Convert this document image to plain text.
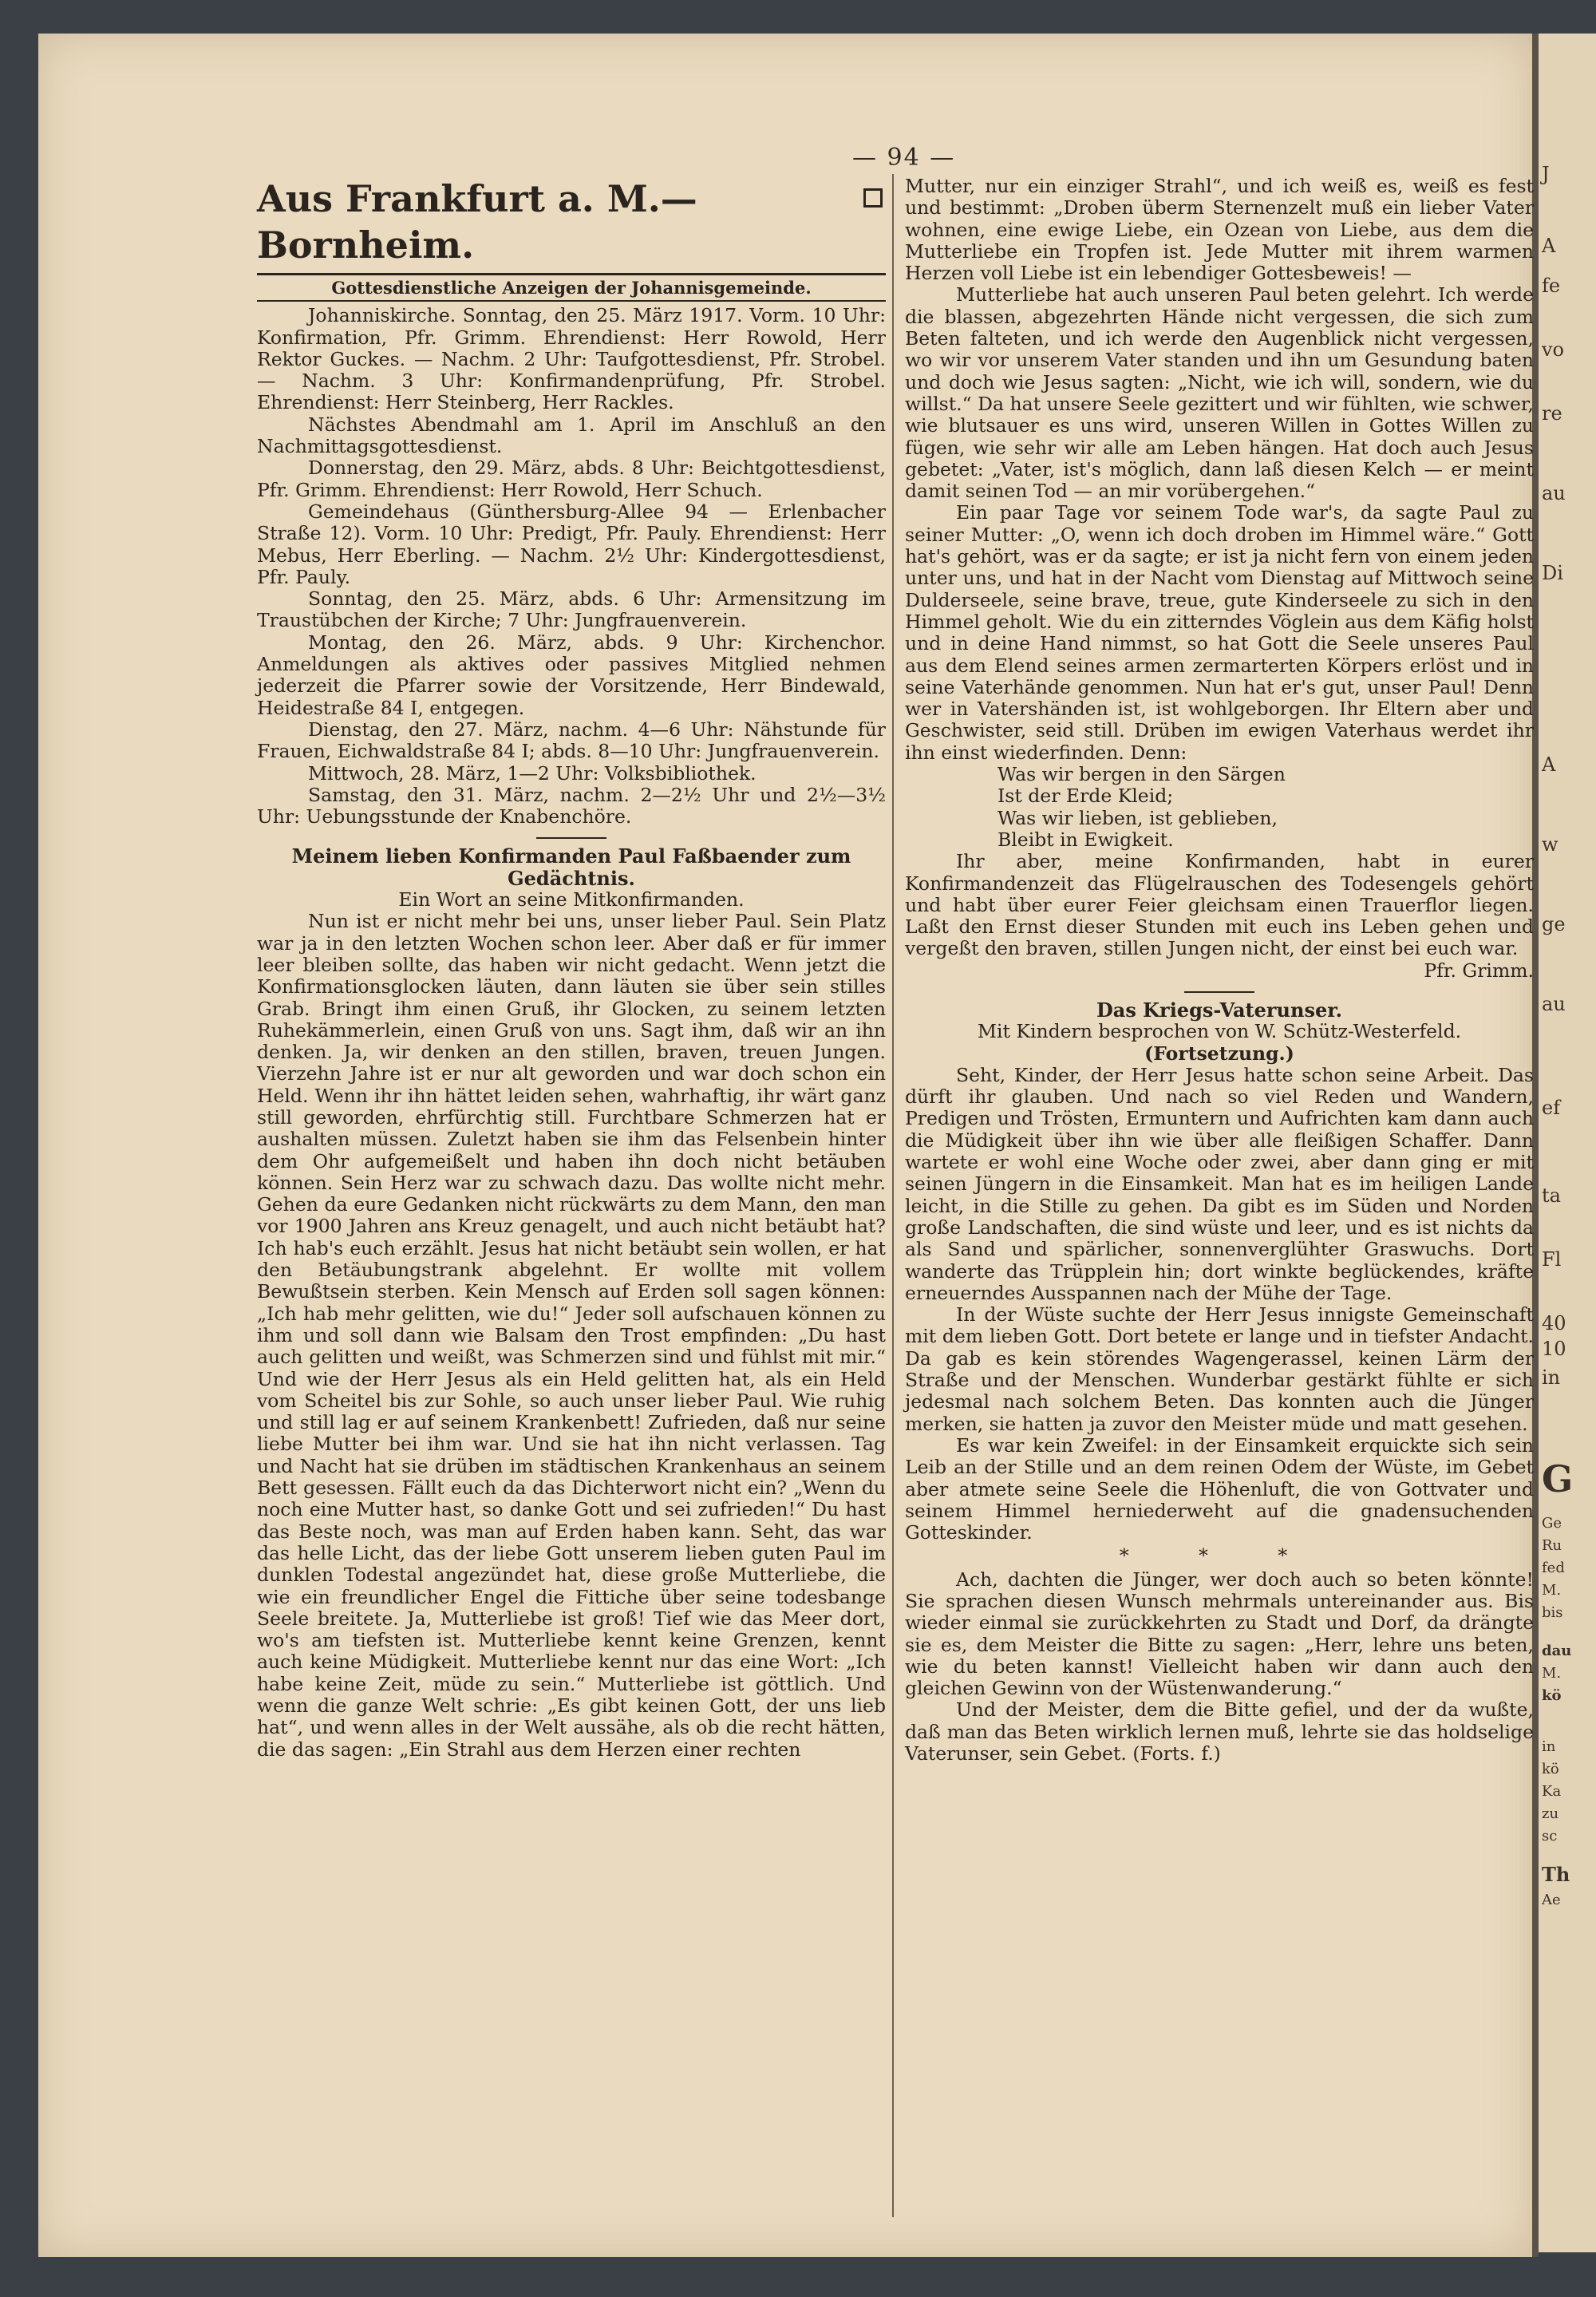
— 94 —
J
A
fe
vo
re
au
Di
A
w
ge
au
ef
ta
Fl
40
10
in
G
Ge
Ru
fed
M.
bis
dau
M.
kö
in
kö
Ka
zu
sc
Th
Ae
Aus Frankfurt a. M.—Bornheim.
Gottesdienstliche Anzeigen der Johannisgemeinde.

Johanniskirche. Sonntag, den 25. März 1917. Vorm. 10 Uhr: Konfirmation, Pfr. Grimm. Ehrendienst: Herr Rowold, Herr Rektor Guckes. — Nachm. 2 Uhr: Taufgottesdienst, Pfr. Strobel. — Nachm. 3 Uhr: Konfirmandenprüfung, Pfr. Strobel. Ehrendienst: Herr Steinberg, Herr Rackles.

Nächstes Abendmahl am 1. April im Anschluß an den Nachmittagsgottesdienst.

Donnerstag, den 29. März, abds. 8 Uhr: Beichtgottesdienst, Pfr. Grimm. Ehrendienst: Herr Rowold, Herr Schuch.

Gemeindehaus (Günthersburg-Allee 94 — Erlenbacher Straße 12). Vorm. 10 Uhr: Predigt, Pfr. Pauly. Ehrendienst: Herr Mebus, Herr Eberling. — Nachm. 2½ Uhr: Kindergottesdienst, Pfr. Pauly.

Sonntag, den 25. März, abds. 6 Uhr: Armensitzung im Traustübchen der Kirche; 7 Uhr: Jungfrauenverein.

Montag, den 26. März, abds. 9 Uhr: Kirchenchor. Anmeldungen als aktives oder passives Mitglied nehmen jederzeit die Pfarrer sowie der Vorsitzende, Herr Bindewald, Heidestraße 84 I, entgegen.

Dienstag, den 27. März, nachm. 4—6 Uhr: Nähstunde für Frauen, Eichwaldstraße 84 I; abds. 8—10 Uhr: Jungfrauenverein.

Mittwoch, 28. März, 1—2 Uhr: Volksbibliothek.

Samstag, den 31. März, nachm. 2—2½ Uhr und 2½—3½ Uhr: Uebungsstunde der Knabenchöre.

Meinem lieben Konfirmanden Paul Faßbaender zum Gedächtnis.
Ein Wort an seine Mitkonfirmanden.

Nun ist er nicht mehr bei uns, unser lieber Paul. Sein Platz war ja in den letzten Wochen schon leer. Aber daß er für immer leer bleiben sollte, das haben wir nicht gedacht. Wenn jetzt die Konfirmationsglocken läuten, dann läuten sie über sein stilles Grab. Bringt ihm einen Gruß, ihr Glocken, zu seinem letzten Ruhekämmerlein, einen Gruß von uns. Sagt ihm, daß wir an ihn denken. Ja, wir denken an den stillen, braven, treuen Jungen. Vierzehn Jahre ist er nur alt geworden und war doch schon ein Held. Wenn ihr ihn hättet leiden sehen, wahrhaftig, ihr wärt ganz still geworden, ehrfürchtig still. Furchtbare Schmerzen hat er aushalten müssen. Zuletzt haben sie ihm das Felsenbein hinter dem Ohr aufgemeißelt und haben ihn doch nicht betäuben können. Sein Herz war zu schwach dazu. Das wollte nicht mehr. Gehen da eure Gedanken nicht rückwärts zu dem Mann, den man vor 1900 Jahren ans Kreuz genagelt, und auch nicht betäubt hat? Ich hab's euch erzählt. Jesus hat nicht betäubt sein wollen, er hat den Betäubungstrank abgelehnt. Er wollte mit vollem Bewußtsein sterben. Kein Mensch auf Erden soll sagen können: „Ich hab mehr gelitten, wie du!“ Jeder soll aufschauen können zu ihm und soll dann wie Balsam den Trost empfinden: „Du hast auch gelitten und weißt, was Schmerzen sind und fühlst mit mir.“ Und wie der Herr Jesus als ein Held gelitten hat, als ein Held vom Scheitel bis zur Sohle, so auch unser lieber Paul. Wie ruhig und still lag er auf seinem Krankenbett! Zufrieden, daß nur seine liebe Mutter bei ihm war. Und sie hat ihn nicht verlassen. Tag und Nacht hat sie drüben im städtischen Krankenhaus an seinem Bett gesessen. Fällt euch da das Dichterwort nicht ein? „Wenn du noch eine Mutter hast, so danke Gott und sei zufrieden!“ Du hast das Beste noch, was man auf Erden haben kann. Seht, das war das helle Licht, das der liebe Gott unserem lieben guten Paul im dunklen Todestal angezündet hat, diese große Mutterliebe, die wie ein freundlicher Engel die Fittiche über seine todesbange Seele breitete. Ja, Mutterliebe ist groß! Tief wie das Meer dort, wo's am tiefsten ist. Mutterliebe kennt keine Grenzen, kennt auch keine Müdigkeit. Mutterliebe kennt nur das eine Wort: „Ich habe keine Zeit, müde zu sein.“ Mutterliebe ist göttlich. Und wenn die ganze Welt schrie: „Es gibt keinen Gott, der uns lieb hat“, und wenn alles in der Welt aussähe, als ob die recht hätten, die das sagen: „Ein Strahl aus dem Herzen einer rechten

Mutter, nur ein einziger Strahl“, und ich weiß es, weiß es fest und bestimmt: „Droben überm Sternenzelt muß ein lieber Vater wohnen, eine ewige Liebe, ein Ozean von Liebe, aus dem die Mutterliebe ein Tropfen ist. Jede Mutter mit ihrem warmen Herzen voll Liebe ist ein lebendiger Gottesbeweis! —

Mutterliebe hat auch unseren Paul beten gelehrt. Ich werde die blassen, abgezehrten Hände nicht vergessen, die sich zum Beten falteten, und ich werde den Augenblick nicht vergessen, wo wir vor unserem Vater standen und ihn um Gesundung baten und doch wie Jesus sagten: „Nicht, wie ich will, sondern, wie du willst.“ Da hat unsere Seele gezittert und wir fühlten, wie schwer, wie blutsauer es uns wird, unseren Willen in Gottes Willen zu fügen, wie sehr wir alle am Leben hängen. Hat doch auch Jesus gebetet: „Vater, ist's möglich, dann laß diesen Kelch — er meint damit seinen Tod — an mir vorübergehen.“

Ein paar Tage vor seinem Tode war's, da sagte Paul zu seiner Mutter: „O, wenn ich doch droben im Himmel wäre.“ Gott hat's gehört, was er da sagte; er ist ja nicht fern von einem jeden unter uns, und hat in der Nacht vom Dienstag auf Mittwoch seine Dulderseele, seine brave, treue, gute Kinderseele zu sich in den Himmel geholt. Wie du ein zitterndes Vöglein aus dem Käfig holst und in deine Hand nimmst, so hat Gott die Seele unseres Paul aus dem Elend seines armen zermarterten Körpers erlöst und in seine Vaterhände genommen. Nun hat er's gut, unser Paul! Denn wer in Vatershänden ist, ist wohlgeborgen. Ihr Eltern aber und Geschwister, seid still. Drüben im ewigen Vaterhaus werdet ihr ihn einst wiederfinden. Denn:

Was wir bergen in den Särgen
Ist der Erde Kleid;
Was wir lieben, ist geblieben,
Bleibt in Ewigkeit.

Ihr aber, meine Konfirmanden, habt in eurer Konfirmandenzeit das Flügelrauschen des Todesengels gehört und habt über eurer Feier gleichsam einen Trauerflor liegen. Laßt den Ernst dieser Stunden mit euch ins Leben gehen und vergeßt den braven, stillen Jungen nicht, der einst bei euch war.

Pfr. Grimm.
Das Kriegs-Vaterunser.
Mit Kindern besprochen von W. Schütz-Westerfeld.
(Fortsetzung.)

Seht, Kinder, der Herr Jesus hatte schon seine Arbeit. Das dürft ihr glauben. Und nach so viel Reden und Wandern, Predigen und Trösten, Ermuntern und Aufrichten kam dann auch die Müdigkeit über ihn wie über alle fleißigen Schaffer. Dann wartete er wohl eine Woche oder zwei, aber dann ging er mit seinen Jüngern in die Einsamkeit. Man hat es im heiligen Lande leicht, in die Stille zu gehen. Da gibt es im Süden und Norden große Landschaften, die sind wüste und leer, und es ist nichts da als Sand und spärlicher, sonnenverglühter Graswuchs. Dort wanderte das Trüpplein hin; dort winkte beglückendes, kräfte erneuerndes Ausspannen nach der Mühe der Tage.

In der Wüste suchte der Herr Jesus innigste Gemeinschaft mit dem lieben Gott. Dort betete er lange und in tiefster Andacht. Da gab es kein störendes Wagengerassel, keinen Lärm der Straße und der Menschen. Wunderbar gestärkt fühlte er sich jedesmal nach solchem Beten. Das konnten auch die Jünger merken, sie hatten ja zuvor den Meister müde und matt gesehen.

Es war kein Zweifel: in der Einsamkeit erquickte sich sein Leib an der Stille und an dem reinen Odem der Wüste, im Gebet aber atmete seine Seele die Höhenluft, die von Gottvater und seinem Himmel herniederweht auf die gnadensuchenden Gotteskinder.

* * *

Ach, dachten die Jünger, wer doch auch so beten könnte! Sie sprachen diesen Wunsch mehrmals untereinander aus. Bis wieder einmal sie zurückkehrten zu Stadt und Dorf, da drängte sie es, dem Meister die Bitte zu sagen: „Herr, lehre uns beten, wie du beten kannst! Vielleicht haben wir dann auch den gleichen Gewinn von der Wüstenwanderung.“

Und der Meister, dem die Bitte gefiel, und der da wußte, daß man das Beten wirklich lernen muß, lehrte sie das holdselige Vaterunser, sein Gebet. (Forts. f.)
